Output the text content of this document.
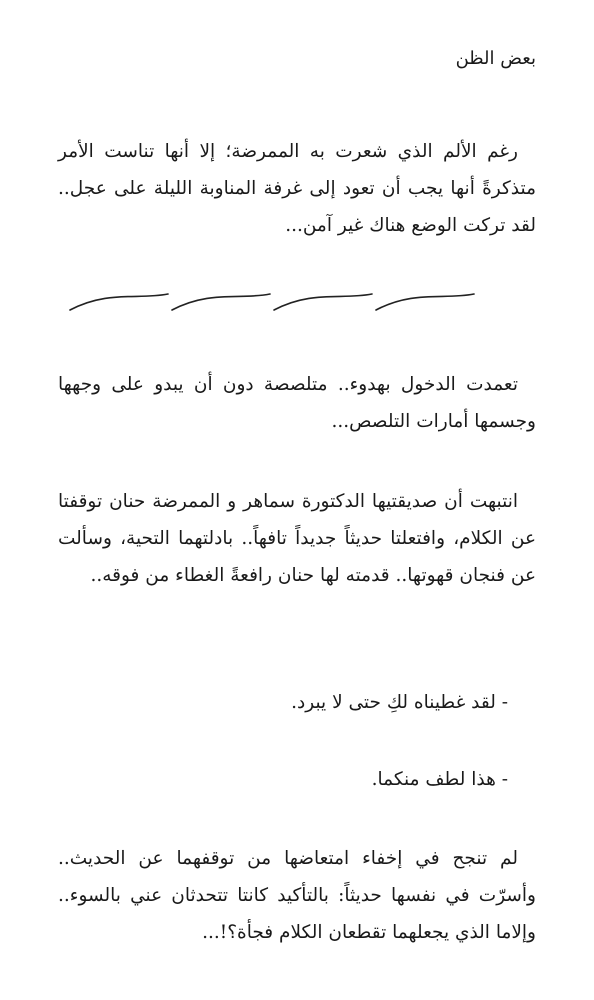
بعض الظن
رغم الألم الذي شعرت به الممرضة؛ إلا أنها تناست الأمر متذكرةً أنها يجب أن تعود إلى غرفة المناوبة الليلة على عجل.. لقد تركت الوضع هناك غير آمن...
تعمدت الدخول بهدوء.. متلصصة دون أن يبدو على وجهها وجسمها أمارات التلصص...
انتبهت أن صديقتيها الدكتورة سماهر و الممرضة حنان توقفتا عن الكلام، وافتعلتا حديثاً جديداً تافهاً.. بادلتهما التحية، وسألت عن فنجان قهوتها.. قدمته لها حنان رافعةً الغطاء من فوقه..
- لقد غطيناه لكِ حتى لا يبرد.
- هذا لطف منكما.
لم تنجح في إخفاء امتعاضها من توقفهما عن الحديث.. وأسرّت في نفسها حديثاً: بالتأكيد كانتا تتحدثان عني بالسوء.. وإلاما الذي يجعلهما تقطعان الكلام فجأة؟!...
